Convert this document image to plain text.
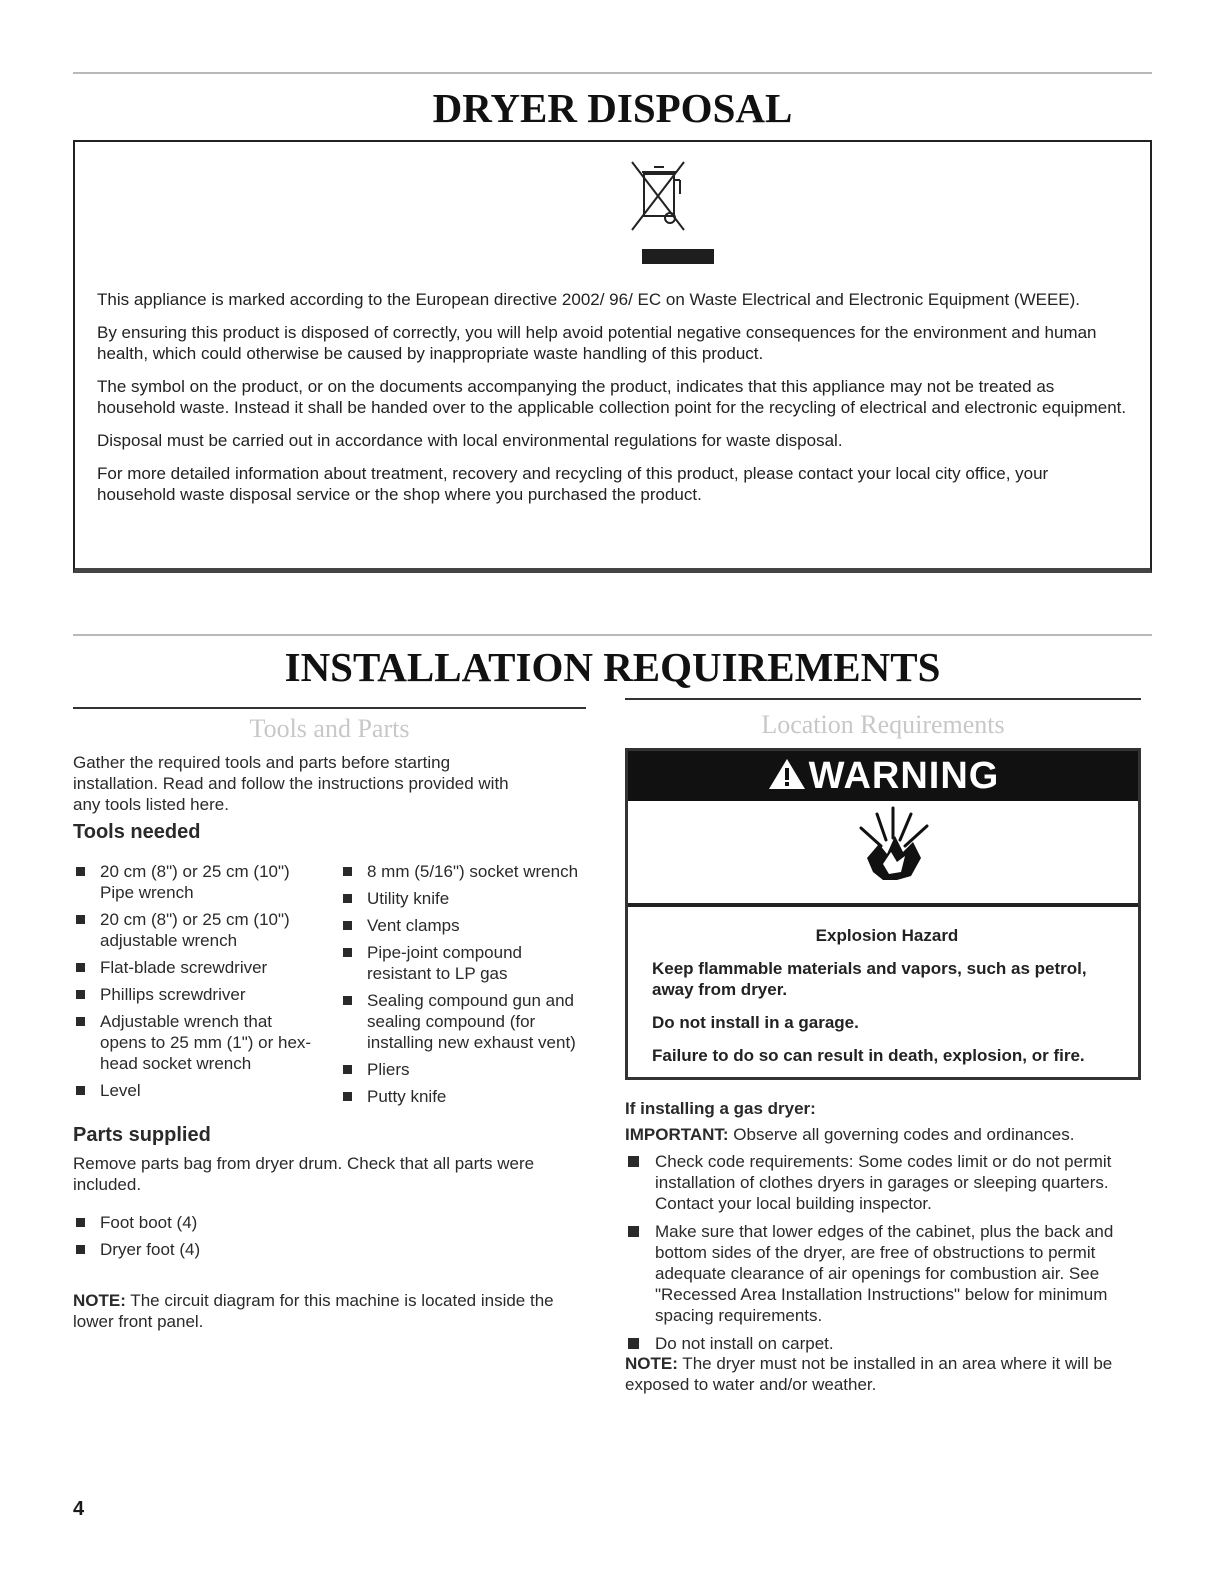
DRYER DISPOSAL

This appliance is marked according to the European directive 2002/ 96/ EC on Waste Electrical and Electronic Equipment (WEEE).

By ensuring this product is disposed of correctly, you will help avoid potential negative consequences for the environment and human health, which could otherwise be caused by inappropriate waste handling of this product.

The symbol on the product, or on the documents accompanying the product, indicates that this appliance may not be treated as household waste. Instead it shall be handed over to the applicable collection point for the recycling of electrical and electronic equipment.

Disposal must be carried out in accordance with local environmental regulations for waste disposal.

For more detailed information about treatment, recovery and recycling of this product, please contact your local city office, your household waste disposal service or the shop where you purchased the product.

INSTALLATION REQUIREMENTS
Tools and Parts
Gather the required tools and parts before starting installation. Read and follow the instructions provided with any tools listed here.
Tools needed
20 cm (8") or 25 cm (10") Pipe wrench
20 cm (8") or 25 cm (10") adjustable wrench
Flat-blade screwdriver
Phillips screwdriver
Adjustable wrench that opens to 25 mm (1") or hex-head socket wrench
Level
8 mm (5/16") socket wrench
Utility knife
Vent clamps
Pipe-joint compound resistant to LP gas
Sealing compound gun and sealing compound (for installing new exhaust vent)
Pliers
Putty knife
Parts supplied
Remove parts bag from dryer drum. Check that all parts were included.
Foot boot (4)
Dryer foot (4)
NOTE: The circuit diagram for this machine is located inside the lower front panel.
Location Requirements
WARNING
Explosion Hazard

Keep flammable materials and vapors, such as petrol, away from dryer.

Do not install in a garage.

Failure to do so can result in death, explosion, or fire.

If installing a gas dryer:
IMPORTANT: Observe all governing codes and ordinances.
Check code requirements: Some codes limit or do not permit installation of clothes dryers in garages or sleeping quarters. Contact your local building inspector.
Make sure that lower edges of the cabinet, plus the back and bottom sides of the dryer, are free of obstructions to permit adequate clearance of air openings for combustion air. See "Recessed Area Installation Instructions" below for minimum spacing requirements.
Do not install on carpet.
NOTE: The dryer must not be installed in an area where it will be exposed to water and/or weather.
4
